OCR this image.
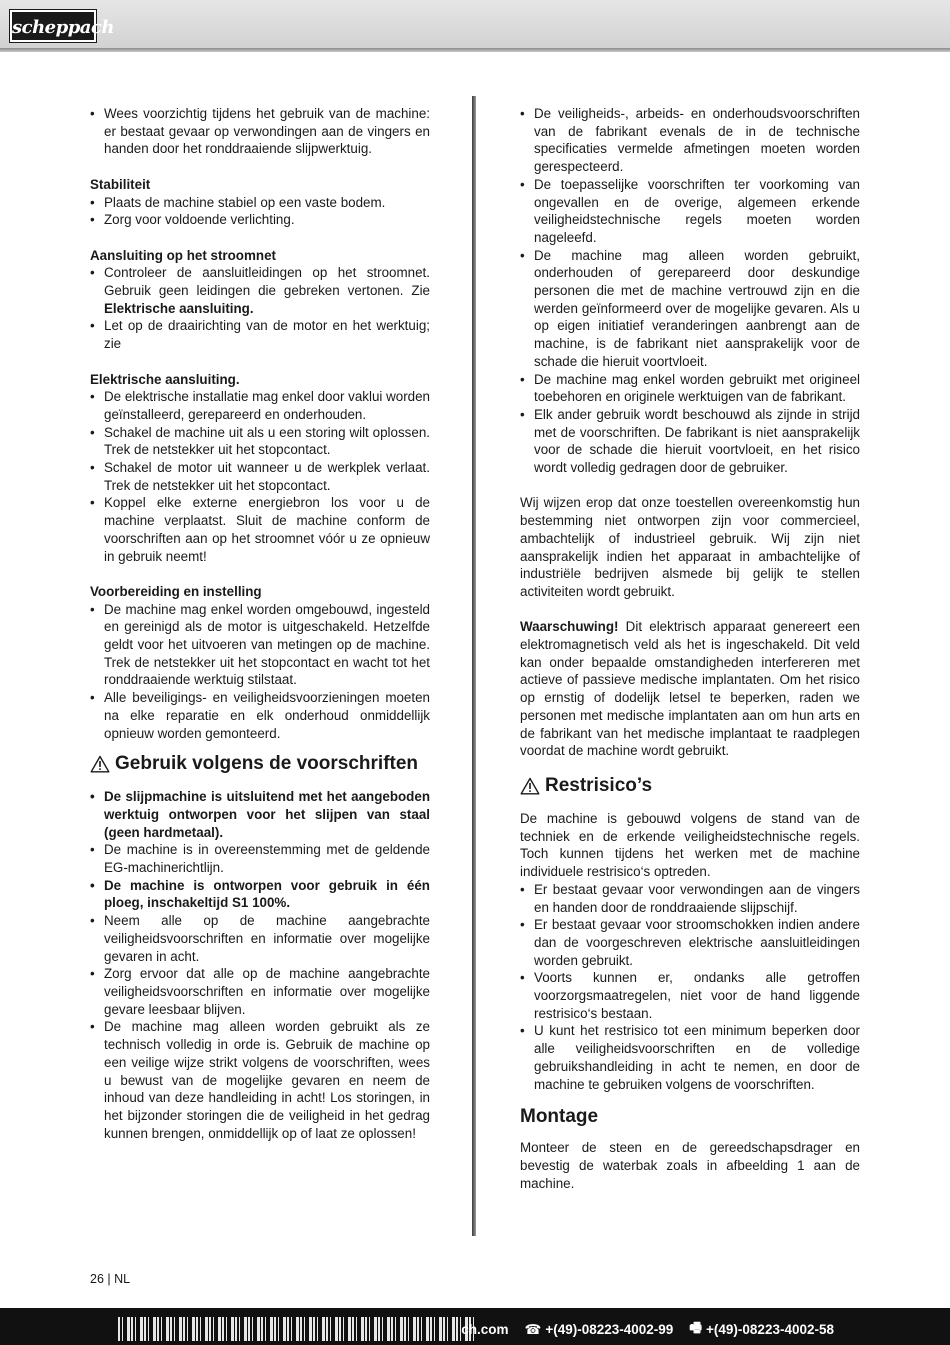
scheppach
• Wees voorzichtig tijdens het gebruik van de machine: er bestaat gevaar op verwondingen aan de vingers en handen door het ronddraaiende slijpwerktuig.
Stabiliteit
• Plaats de machine stabiel op een vaste bodem.
• Zorg voor voldoende verlichting.
Aansluiting op het stroomnet
• Controleer de aansluitleidingen op het stroomnet. Gebruik geen leidingen die gebreken vertonen. Zie Elektrische aansluiting.
• Let op de draairichting van de motor en het werktuig; zie
Elektrische aansluiting.
• De elektrische installatie mag enkel door vaklui worden geïnstalleerd, gerepareerd en onderhouden.
• Schakel de machine uit als u een storing wilt oplossen. Trek de netstekker uit het stopcontact.
• Schakel de motor uit wanneer u de werkplek verlaat. Trek de netstekker uit het stopcontact.
• Koppel elke externe energiebron los voor u de machine verplaatst. Sluit de machine conform de voorschriften aan op het stroomnet vóór u ze opnieuw in gebruik neemt!
Voorbereiding en instelling
• De machine mag enkel worden omgebouwd, ingesteld en gereinigd als de motor is uitgeschakeld. Hetzelfde geldt voor het uitvoeren van metingen op de machine. Trek de netstekker uit het stopcontact en wacht tot het ronddraaiende werktuig stilstaat.
• Alle beveiligings- en veiligheidsvoorzieningen moeten na elke reparatie en elk onderhoud onmiddellijk opnieuw worden gemonteerd.
Gebruik volgens de voorschriften
• De slijpmachine is uitsluitend met het aangeboden werktuig ontworpen voor het slijpen van staal (geen hardmetaal).
• De machine is in overeenstemming met de geldende EG-machinerichtlijn.
• De machine is ontworpen voor gebruik in één ploeg, inschakeltijd S1 100%.
• Neem alle op de machine aangebrachte veiligheidsvoorschriften en informatie over mogelijke gevaren in acht.
• Zorg ervoor dat alle op de machine aangebrachte veiligheidsvoorschriften en informatie over mogelijke gevare leesbaar blijven.
• De machine mag alleen worden gebruikt als ze technisch volledig in orde is. Gebruik de machine op een veilige wijze strikt volgens de voorschriften, wees u bewust van de mogelijke gevaren en neem de inhoud van deze handleiding in acht! Los storingen, in het bijzonder storingen die de veiligheid in het gedrag kunnen brengen, onmiddellijk op of laat ze oplossen!
• De veiligheids-, arbeids- en onderhoudsvoorschriften van de fabrikant evenals de in de technische specificaties vermelde afmetingen moeten worden gerespecteerd.
• De toepasselijke voorschriften ter voorkoming van ongevallen en de overige, algemeen erkende veiligheidstechnische regels moeten worden nageleefd.
• De machine mag alleen worden gebruikt, onderhouden of gerepareerd door deskundige personen die met de machine vertrouwd zijn en die werden geïnformeerd over de mogelijke gevaren. Als u op eigen initiatief veranderingen aanbrengt aan de machine, is de fabrikant niet aansprakelijk voor de schade die hieruit voortvloeit.
• De machine mag enkel worden gebruikt met origineel toebehoren en originele werktuigen van de fabrikant.
• Elk ander gebruik wordt beschouwd als zijnde in strijd met de voorschriften. De fabrikant is niet aansprakelijk voor de schade die hieruit voortvloeit, en het risico wordt volledig gedragen door de gebruiker.

Wij wijzen erop dat onze toestellen overeenkomstig hun bestemming niet ontworpen zijn voor commercieel, ambachtelijk of industrieel gebruik. Wij zijn niet aansprakelijk indien het apparaat in ambachtelijke of industriële bedrijven alsmede bij gelijk te stellen activiteiten wordt gebruikt.

Waarschuwing! Dit elektrisch apparaat genereert een elektromagnetisch veld als het is ingeschakeld. Dit veld kan onder bepaalde omstandigheden interfereren met actieve of passieve medische implantaten. Om het risico op ernstig of dodelijk letsel te beperken, raden we personen met medische implantaten aan om hun arts en de fabrikant van het medische implantaat te raadplegen voordat de machine wordt gebruikt.

Restrisico’s

De machine is gebouwd volgens de stand van de techniek en de erkende veiligheidstechnische regels. Toch kunnen tijdens het werken met de machine individuele restrisico‘s optreden.

• Er bestaat gevaar voor verwondingen aan de vingers en handen door de ronddraaiende slijpschijf.
• Er bestaat gevaar voor stroomschokken indien andere dan de voorgeschreven elektrische aansluitleidingen worden gebruikt.
• Voorts kunnen er, ondanks alle getroffen voorzorgsmaatregelen, niet voor de hand liggende restrisico‘s bestaan.
• U kunt het restrisico tot een minimum beperken door alle veiligheidsvoorschriften en de volledige gebruikshandleiding in acht te nemen, en door de machine te gebruiken volgens de voorschriften.
Montage

Monteer de steen en de gereedschapsdrager en bevestig de waterbak zoals in afbeelding 1 aan de machine.

26 | NL
ch.com ☎ +(49)-08223-4002-99 🖷 +(49)-08223-4002-58
